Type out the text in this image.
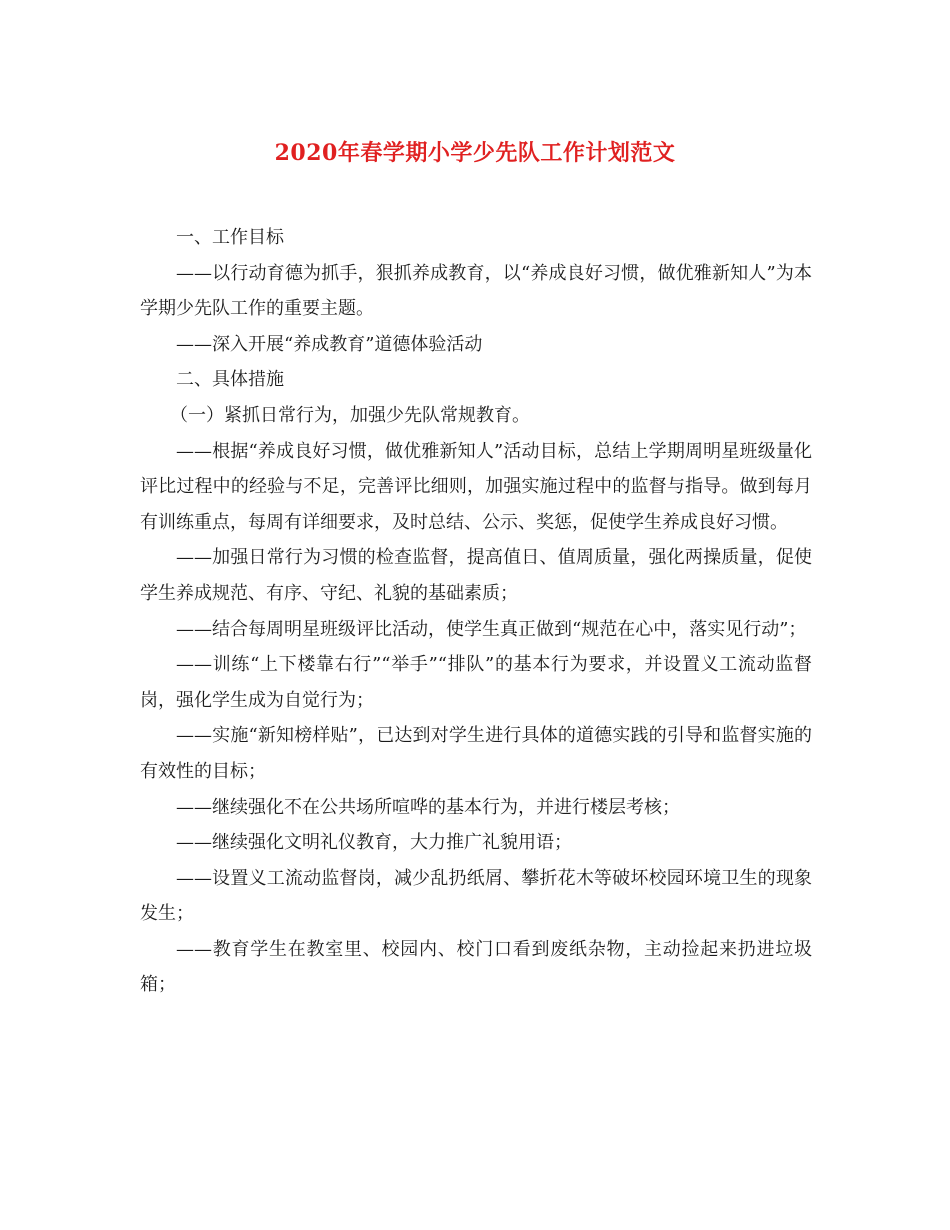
2020年春学期小学少先队工作计划范文

一、工作目标

——以行动育德为抓手，狠抓养成教育，以“养成良好习惯，做优雅新知人”为本学期少先队工作的重要主题。

——深入开展“养成教育”道德体验活动

二、具体措施

（一）紧抓日常行为，加强少先队常规教育。

——根据“养成良好习惯，做优雅新知人”活动目标，总结上学期周明星班级量化评比过程中的经验与不足，完善评比细则，加强实施过程中的监督与指导。做到每月有训练重点，每周有详细要求，及时总结、公示、奖惩，促使学生养成良好习惯。

——加强日常行为习惯的检查监督，提高值日、值周质量，强化两操质量，促使学生养成规范、有序、守纪、礼貌的基础素质；

——结合每周明星班级评比活动，使学生真正做到“规范在心中，落实见行动”；

——训练“上下楼靠右行”“举手”“排队”的基本行为要求，并设置义工流动监督岗，强化学生成为自觉行为；

——实施“新知榜样贴”，已达到对学生进行具体的道德实践的引导和监督实施的有效性的目标；

——继续强化不在公共场所喧哗的基本行为，并进行楼层考核；

——继续强化文明礼仪教育，大力推广礼貌用语；

——设置义工流动监督岗，减少乱扔纸屑、攀折花木等破坏校园环境卫生的现象发生；

——教育学生在教室里、校园内、校门口看到废纸杂物，主动捡起来扔进垃圾箱；
